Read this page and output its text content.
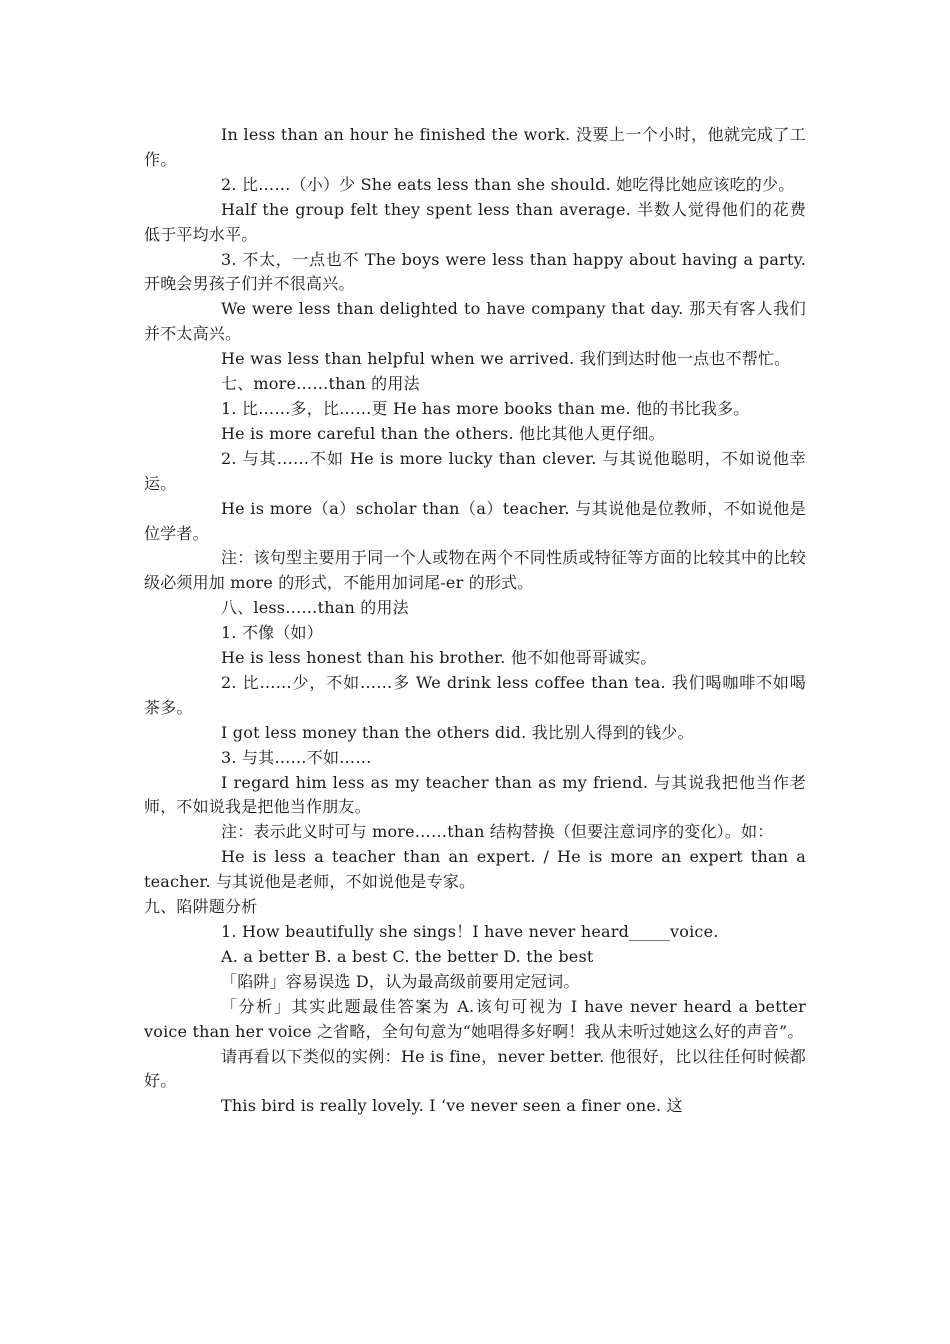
In less than an hour he finished the work. 没要上一个小时，他就完成了工作。

2. 比……（小）少 She eats less than she should. 她吃得比她应该吃的少。

Half the group felt they spent less than average. 半数人觉得他们的花费低于平均水平。

3. 不太，一点也不 The boys were less than happy about having a party. 开晚会男孩子们并不很高兴。

We were less than delighted to have company that day. 那天有客人我们并不太高兴。

He was less than helpful when we arrived. 我们到达时他一点也不帮忙。

七、more……than 的用法

1. 比……多，比……更 He has more books than me. 他的书比我多。

He is more careful than the others. 他比其他人更仔细。

2. 与其……不如 He is more lucky than clever. 与其说他聪明，不如说他幸运。

He is more（a）scholar than（a）teacher. 与其说他是位教师，不如说他是位学者。

注：该句型主要用于同一个人或物在两个不同性质或特征等方面的比较其中的比较级必须用加 more 的形式，不能用加词尾-er 的形式。

八、less……than 的用法

1. 不像（如）

He is less honest than his brother. 他不如他哥哥诚实。

2. 比……少，不如……多 We drink less coffee than tea. 我们喝咖啡不如喝茶多。

I got less money than the others did. 我比别人得到的钱少。

3. 与其……不如……

I regard him less as my teacher than as my friend. 与其说我把他当作老师，不如说我是把他当作朋友。

注：表示此义时可与 more……than 结构替换（但要注意词序的变化）。如：

He is less a teacher than an expert. / He is more an expert than a teacher. 与其说他是老师，不如说他是专家。

九、陷阱题分析

1. How beautifully she sings！I have never heard_____voice.

A. a better B. a best C. the better D. the best

「陷阱」容易误选 D，认为最高级前要用定冠词。

「分析」其实此题最佳答案为 A.该句可视为 I have never heard a better voice than her voice 之省略，全句句意为“她唱得多好啊！我从未听过她这么好的声音”。

请再看以下类似的实例：He is fine，never better. 他很好，比以往任何时候都好。

This bird is really lovely. I ‘ve never seen a finer one. 这
